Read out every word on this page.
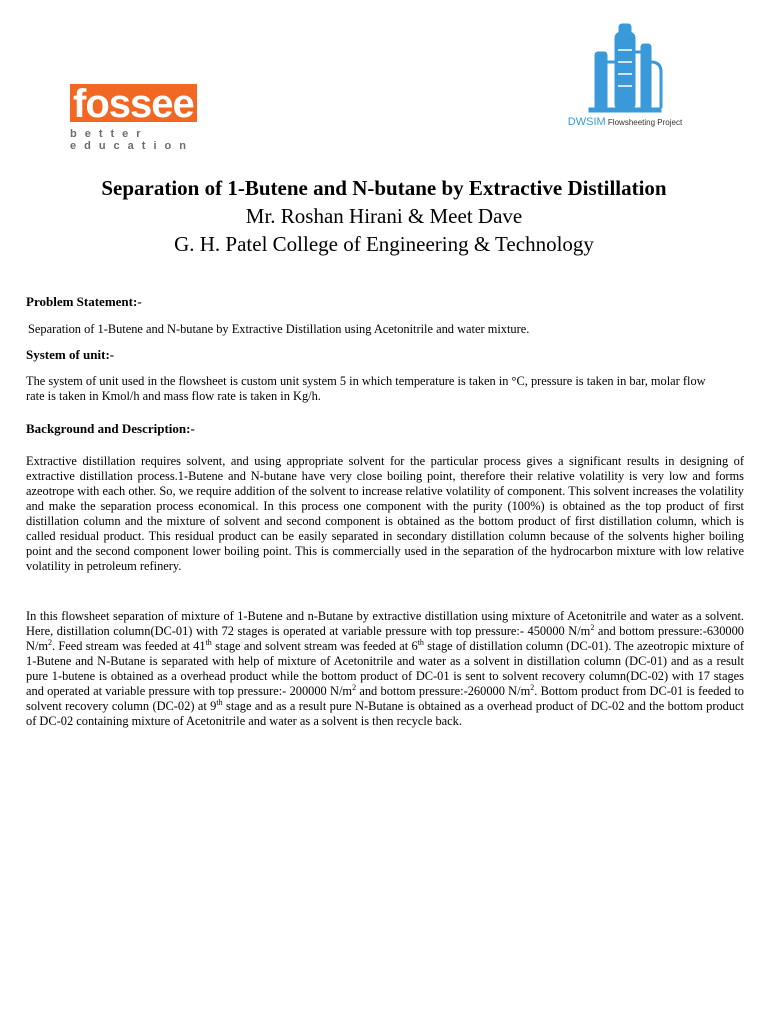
fossee
better education
DWSIM Flowsheeting Project
Separation of 1-Butene and N-butane by Extractive Distillation
Mr. Roshan Hirani & Meet Dave
G. H. Patel College of Engineering & Technology
Problem Statement:-
Separation of 1-Butene and N-butane by Extractive Distillation using Acetonitrile and water mixture.
System of unit:-
The system of unit used in the flowsheet is custom unit system 5 in which temperature is taken in °C, pressure is taken in bar, molar flow rate is taken in Kmol/h and mass flow rate is taken in Kg/h.
Background and Description:-
Extractive distillation requires solvent, and using appropriate solvent for the particular process gives a significant results in designing of extractive distillation process.1-Butene and N-butane have very close boiling point, therefore their relative volatility is very low and forms azeotrope with each other. So, we require addition of the solvent to increase relative volatility of component. This solvent increases the volatility and make the separation process economical. In this process one component with the purity (100%) is obtained as the top product of first distillation column and the mixture of solvent and second component is obtained as the bottom product of first distillation column, which is called residual product. This residual product can be easily separated in secondary distillation column because of the solvents higher boiling point and the second component lower boiling point. This is commercially used in the separation of the hydrocarbon mixture with low relative volatility in petroleum refinery.
In this flowsheet separation of mixture of 1-Butene and n-Butane by extractive distillation using mixture of Acetonitrile and water as a solvent. Here, distillation column(DC-01) with 72 stages is operated at variable pressure with top pressure:- 450000 $N/m^2$ and bottom pressure:-630000 $N/m^2$. Feed stream was feeded at 41th stage and solvent stream was feeded at 6th stage of distillation column (DC-01). The azeotropic mixture of 1-Butene and N-Butane is separated with help of mixture of Acetonitrile and water as a solvent in distillation column (DC-01) and as a result pure 1-butene is obtained as a overhead product while the bottom product of DC-01 is sent to solvent recovery column(DC-02) with 17 stages and operated at variable pressure with top pressure:- 200000 $N/m^2$ and bottom pressure:-260000 $N/m^2$. Bottom product from DC-01 is feeded to solvent recovery column (DC-02) at 9th stage and as a result pure N-Butane is obtained as a overhead product of DC-02 and the bottom product of DC-02 containing mixture of Acetonitrile and water as a solvent is then recycle back.
